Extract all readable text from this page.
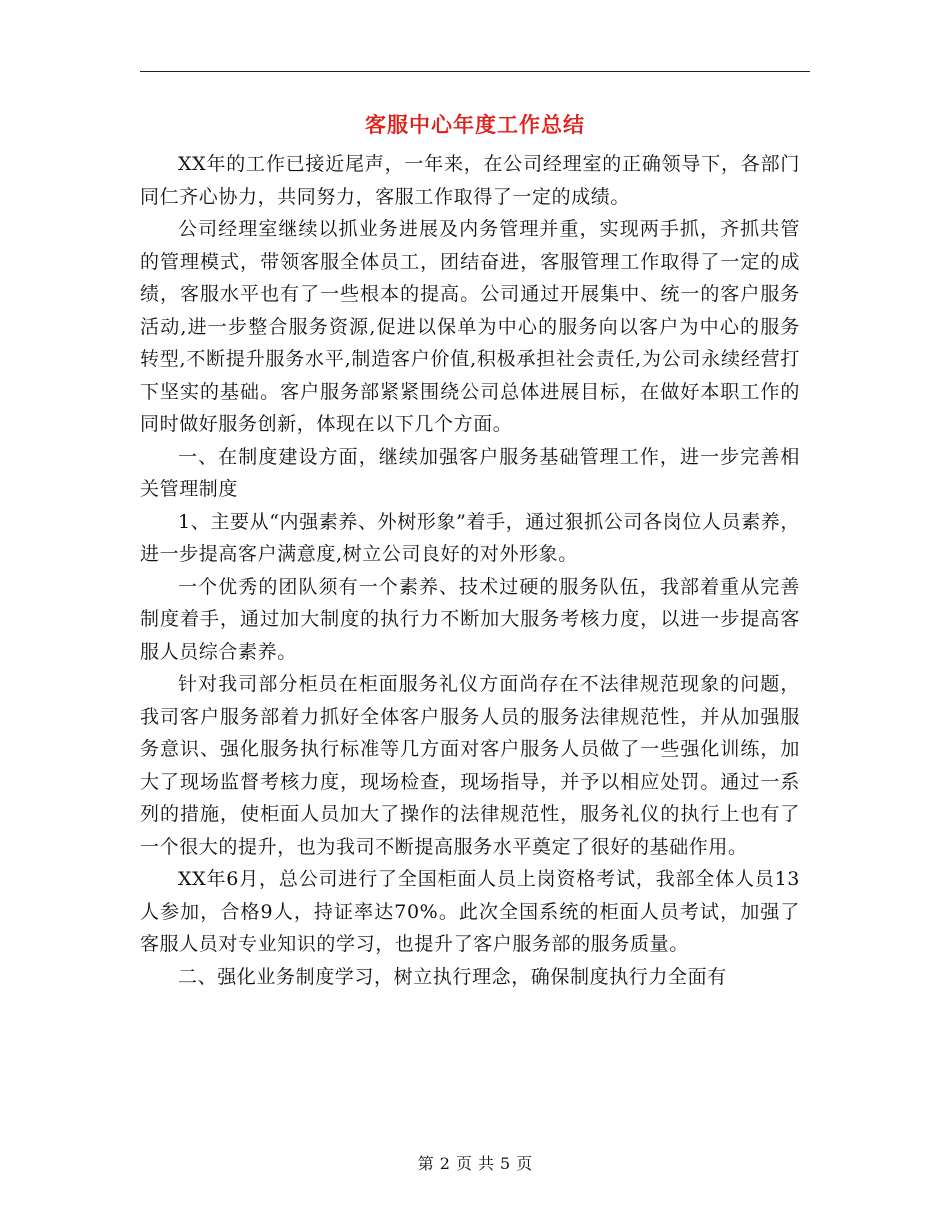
客服中心年度工作总结

XX年的工作已接近尾声，一年来，在公司经理室的正确领导下，各部门同仁齐心协力，共同努力，客服工作取得了一定的成绩。

公司经理室继续以抓业务进展及内务管理并重，实现两手抓，齐抓共管的管理模式，带领客服全体员工，团结奋进，客服管理工作取得了一定的成绩，客服水平也有了一些根本的提高。公司通过开展集中、统一的客户服务活动,进一步整合服务资源,促进以保单为中心的服务向以客户为中心的服务转型,不断提升服务水平,制造客户价值,积极承担社会责任,为公司永续经营打下坚实的基础。客户服务部紧紧围绕公司总体进展目标，在做好本职工作的同时做好服务创新，体现在以下几个方面。

一、在制度建设方面，继续加强客户服务基础管理工作，进一步完善相关管理制度

1、主要从“内强素养、外树形象”着手，通过狠抓公司各岗位人员素养，进一步提高客户满意度,树立公司良好的对外形象。

一个优秀的团队须有一个素养、技术过硬的服务队伍，我部着重从完善制度着手，通过加大制度的执行力不断加大服务考核力度，以进一步提高客服人员综合素养。

针对我司部分柜员在柜面服务礼仪方面尚存在不法律规范现象的问题，我司客户服务部着力抓好全体客户服务人员的服务法律规范性，并从加强服务意识、强化服务执行标准等几方面对客户服务人员做了一些强化训练，加大了现场监督考核力度，现场检查，现场指导，并予以相应处罚。通过一系列的措施，使柜面人员加大了操作的法律规范性，服务礼仪的执行上也有了一个很大的提升，也为我司不断提高服务水平奠定了很好的基础作用。

XX年6月，总公司进行了全国柜面人员上岗资格考试，我部全体人员13人参加，合格9人，持证率达70%。此次全国系统的柜面人员考试，加强了客服人员对专业知识的学习，也提升了客户服务部的服务质量。

二、强化业务制度学习，树立执行理念，确保制度执行力全面有

第 2 页 共 5 页
